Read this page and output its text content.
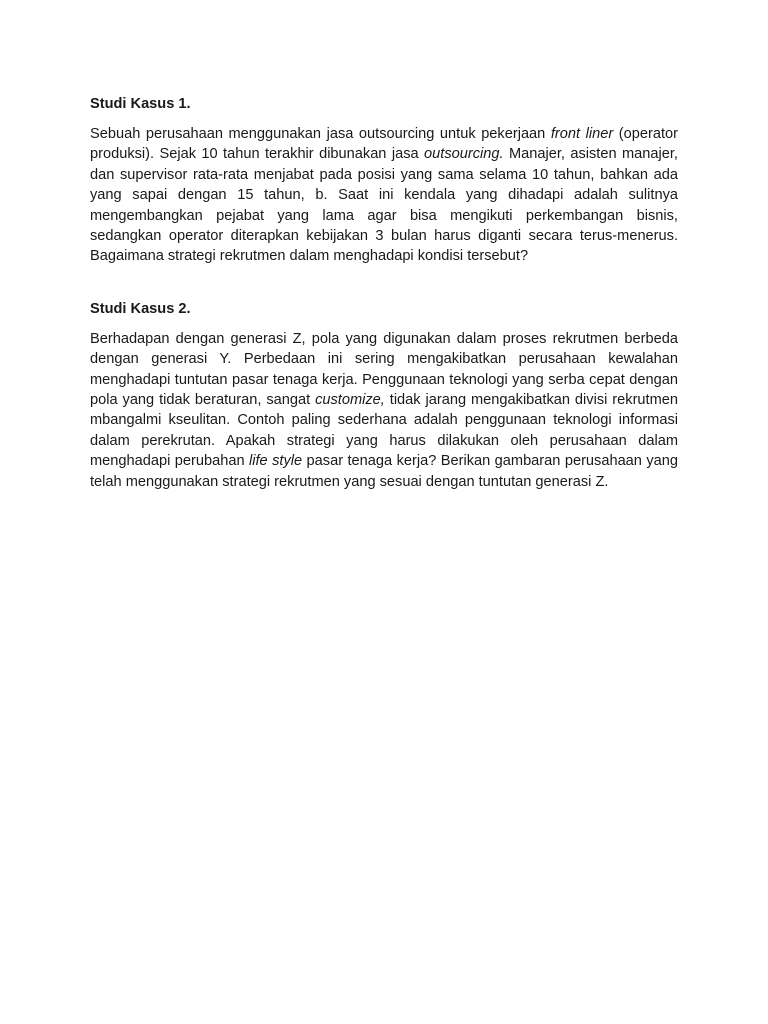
Studi Kasus 1.

Sebuah perusahaan menggunakan jasa outsourcing untuk pekerjaan front liner (operator produksi). Sejak 10 tahun terakhir dibunakan jasa outsourcing. Manajer, asisten manajer, dan supervisor rata-rata menjabat pada posisi yang sama selama 10 tahun, bahkan ada yang sapai dengan 15 tahun, b. Saat ini kendala yang dihadapi adalah sulitnya mengembangkan pejabat yang lama agar bisa mengikuti perkembangan bisnis, sedangkan operator diterapkan kebijakan 3 bulan harus diganti secara terus-menerus. Bagaimana strategi rekrutmen dalam menghadapi kondisi tersebut?

Studi Kasus 2.

Berhadapan dengan generasi Z, pola yang digunakan dalam proses rekrutmen berbeda dengan generasi Y. Perbedaan ini sering mengakibatkan perusahaan kewalahan menghadapi tuntutan pasar tenaga kerja. Penggunaan teknologi yang serba cepat dengan pola yang tidak beraturan, sangat customize, tidak jarang mengakibatkan divisi rekrutmen mbangalmi kseulitan. Contoh paling sederhana adalah penggunaan teknologi informasi dalam perekrutan. Apakah strategi yang harus dilakukan oleh perusahaan dalam menghadapi perubahan life style pasar tenaga kerja? Berikan gambaran perusahaan yang telah menggunakan strategi rekrutmen yang sesuai dengan tuntutan generasi Z.
